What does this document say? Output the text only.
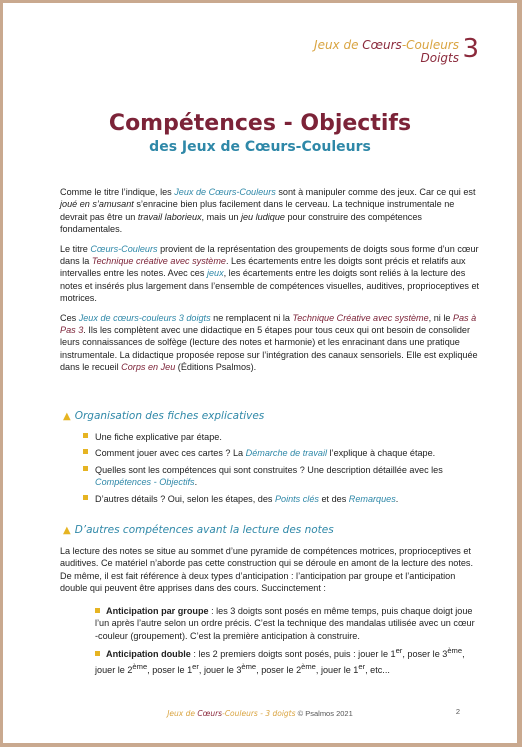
Jeux de Cœurs-Couleurs
Doigts 3
Compétences - Objectifs
des Jeux de Cœurs-Couleurs

Comme le titre l’indique, les Jeux de Cœurs-Couleurs sont à manipuler comme des jeux. Car ce qui est joué en s’amusant s’enracine bien plus facilement dans le cerveau. La technique instrumentale ne devrait pas être un travail laborieux, mais un jeu ludique pour construire des compétences fondamentales.

Le titre Cœurs-Couleurs provient de la représentation des groupements de doigts sous forme d’un cœur dans la Technique créative avec système. Les écartements entre les doigts sont précis et relatifs aux intervalles entre les notes. Avec ces jeux, les écartements entre les doigts sont reliés à la lecture des notes et insérés plus largement dans l’ensemble de compétences visuelles, auditives, proprioceptives et motrices.

Ces Jeux de cœurs-couleurs 3 doigts ne remplacent ni la Technique Créative avec système, ni le Pas à Pas 3. Ils les complètent avec une didactique en 5 étapes pour tous ceux qui ont besoin de consolider leurs connaissances de solfège (lecture des notes et harmonie) et les enracinant dans une pratique instrumentale. La didactique proposée repose sur l’intégration des canaux sensoriels. Elle est expliquée dans le recueil Corps en Jeu (Éditions Psalmos).

▲ Organisation des fiches explicatives
Une fiche explicative par étape.
Comment jouer avec ces cartes ? La Démarche de travail l’explique à chaque étape.
Quelles sont les compétences qui sont construites ? Une description détaillée avec les Compétences - Objectifs.
D’autres détails ? Oui, selon les étapes, des Points clés et des Remarques.
▲ D’autres compétences avant la lecture des notes

La lecture des notes se situe au sommet d’une pyramide de compétences motrices, proprioceptives et auditives. Ce matériel n’aborde pas cette construction qui se déroule en amont de la lecture des notes. De même, il est fait référence à deux types d’anticipation : l’anticipation par groupe et l’anticipation double qui peuvent être apprises dans des cours. Succinctement :

Anticipation par groupe : les 3 doigts sont posés en même temps, puis chaque doigt joue l’un après l’autre selon un ordre précis. C’est la technique des mandalas utilisée avec un cœur -couleur (groupement). C’est la première anticipation à construire.

Anticipation double : les 2 premiers doigts sont posés, puis : jouer le 1er, poser le 3ème, jouer le 2ème, poser le 1er, jouer le 3ème, poser le 2ème, jouer le 1er, etc...

Jeux de Cœurs-Couleurs - 3 doigts © Psalmos 2021	2
